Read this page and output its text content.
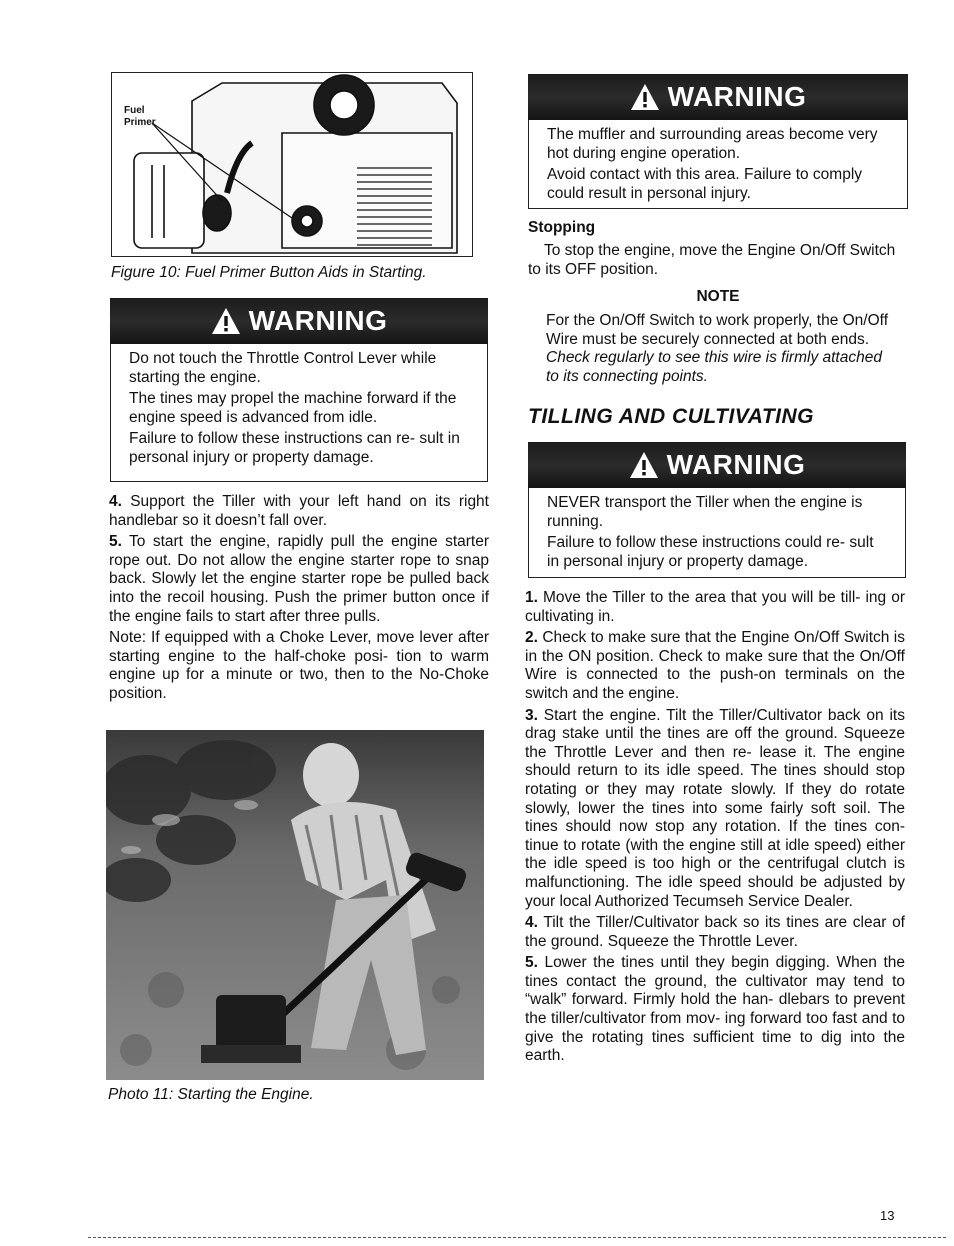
Fuel
Primer
Figure 10: Fuel Primer Button Aids in Starting.
WARNING

Do not touch the Throttle Control Lever while starting the engine.

The tines may propel the machine forward if the engine speed is advanced from idle.

Failure to follow these instructions can re- sult in personal injury or property damage.

4. Support the Tiller with your left hand on its right handlebar so it doesn’t fall over.
5. To start the engine, rapidly pull the engine starter rope out. Do not allow the engine starter rope to snap back. Slowly let the engine starter rope be pulled back into the recoil housing. Push the primer button once if the engine fails to start after three pulls.

Note: If equipped with a Choke Lever, move lever after starting engine to the half-choke posi- tion to warm engine up for a minute or two, then to the No-Choke position.

Photo 11: Starting the Engine.
WARNING

The muffler and surrounding areas become very hot during engine operation.

Avoid contact with this area. Failure to comply could result in personal injury.

Stopping
To stop the engine, move the Engine On/Off Switch to its OFF position.
NOTE
For the On/Off Switch to work properly, the On/Off Wire must be securely connected at both ends. Check regularly to see this wire is firmly attached to its connecting points.
TILLING AND CULTIVATING
WARNING

NEVER transport the Tiller when the engine is running.

Failure to follow these instructions could re- sult in personal injury or property damage.

1. Move the Tiller to the area that you will be till- ing or cultivating in.
2. Check to make sure that the Engine On/Off Switch is in the ON position. Check to make sure that the On/Off Wire is connected to the push-on terminals on the switch and the engine.
3. Start the engine. Tilt the Tiller/Cultivator back on its drag stake until the tines are off the ground. Squeeze the Throttle Lever and then re- lease it. The engine should return to its idle speed. The tines should stop rotating or they may rotate slowly. If they do rotate slowly, lower the tines into some fairly soft soil. The tines should now stop any rotation. If the tines con- tinue to rotate (with the engine still at idle speed) either the idle speed is too high or the centrifugal clutch is malfunctioning. The idle speed should be adjusted by your local Authorized Tecumseh Service Dealer.
4. Tilt the Tiller/Cultivator back so its tines are clear of the ground. Squeeze the Throttle Lever.
5. Lower the tines until they begin digging. When the tines contact the ground, the cultivator may tend to “walk” forward. Firmly hold the han- dlebars to prevent the tiller/cultivator from mov- ing forward too fast and to give the rotating tines sufficient time to dig into the earth.
13
